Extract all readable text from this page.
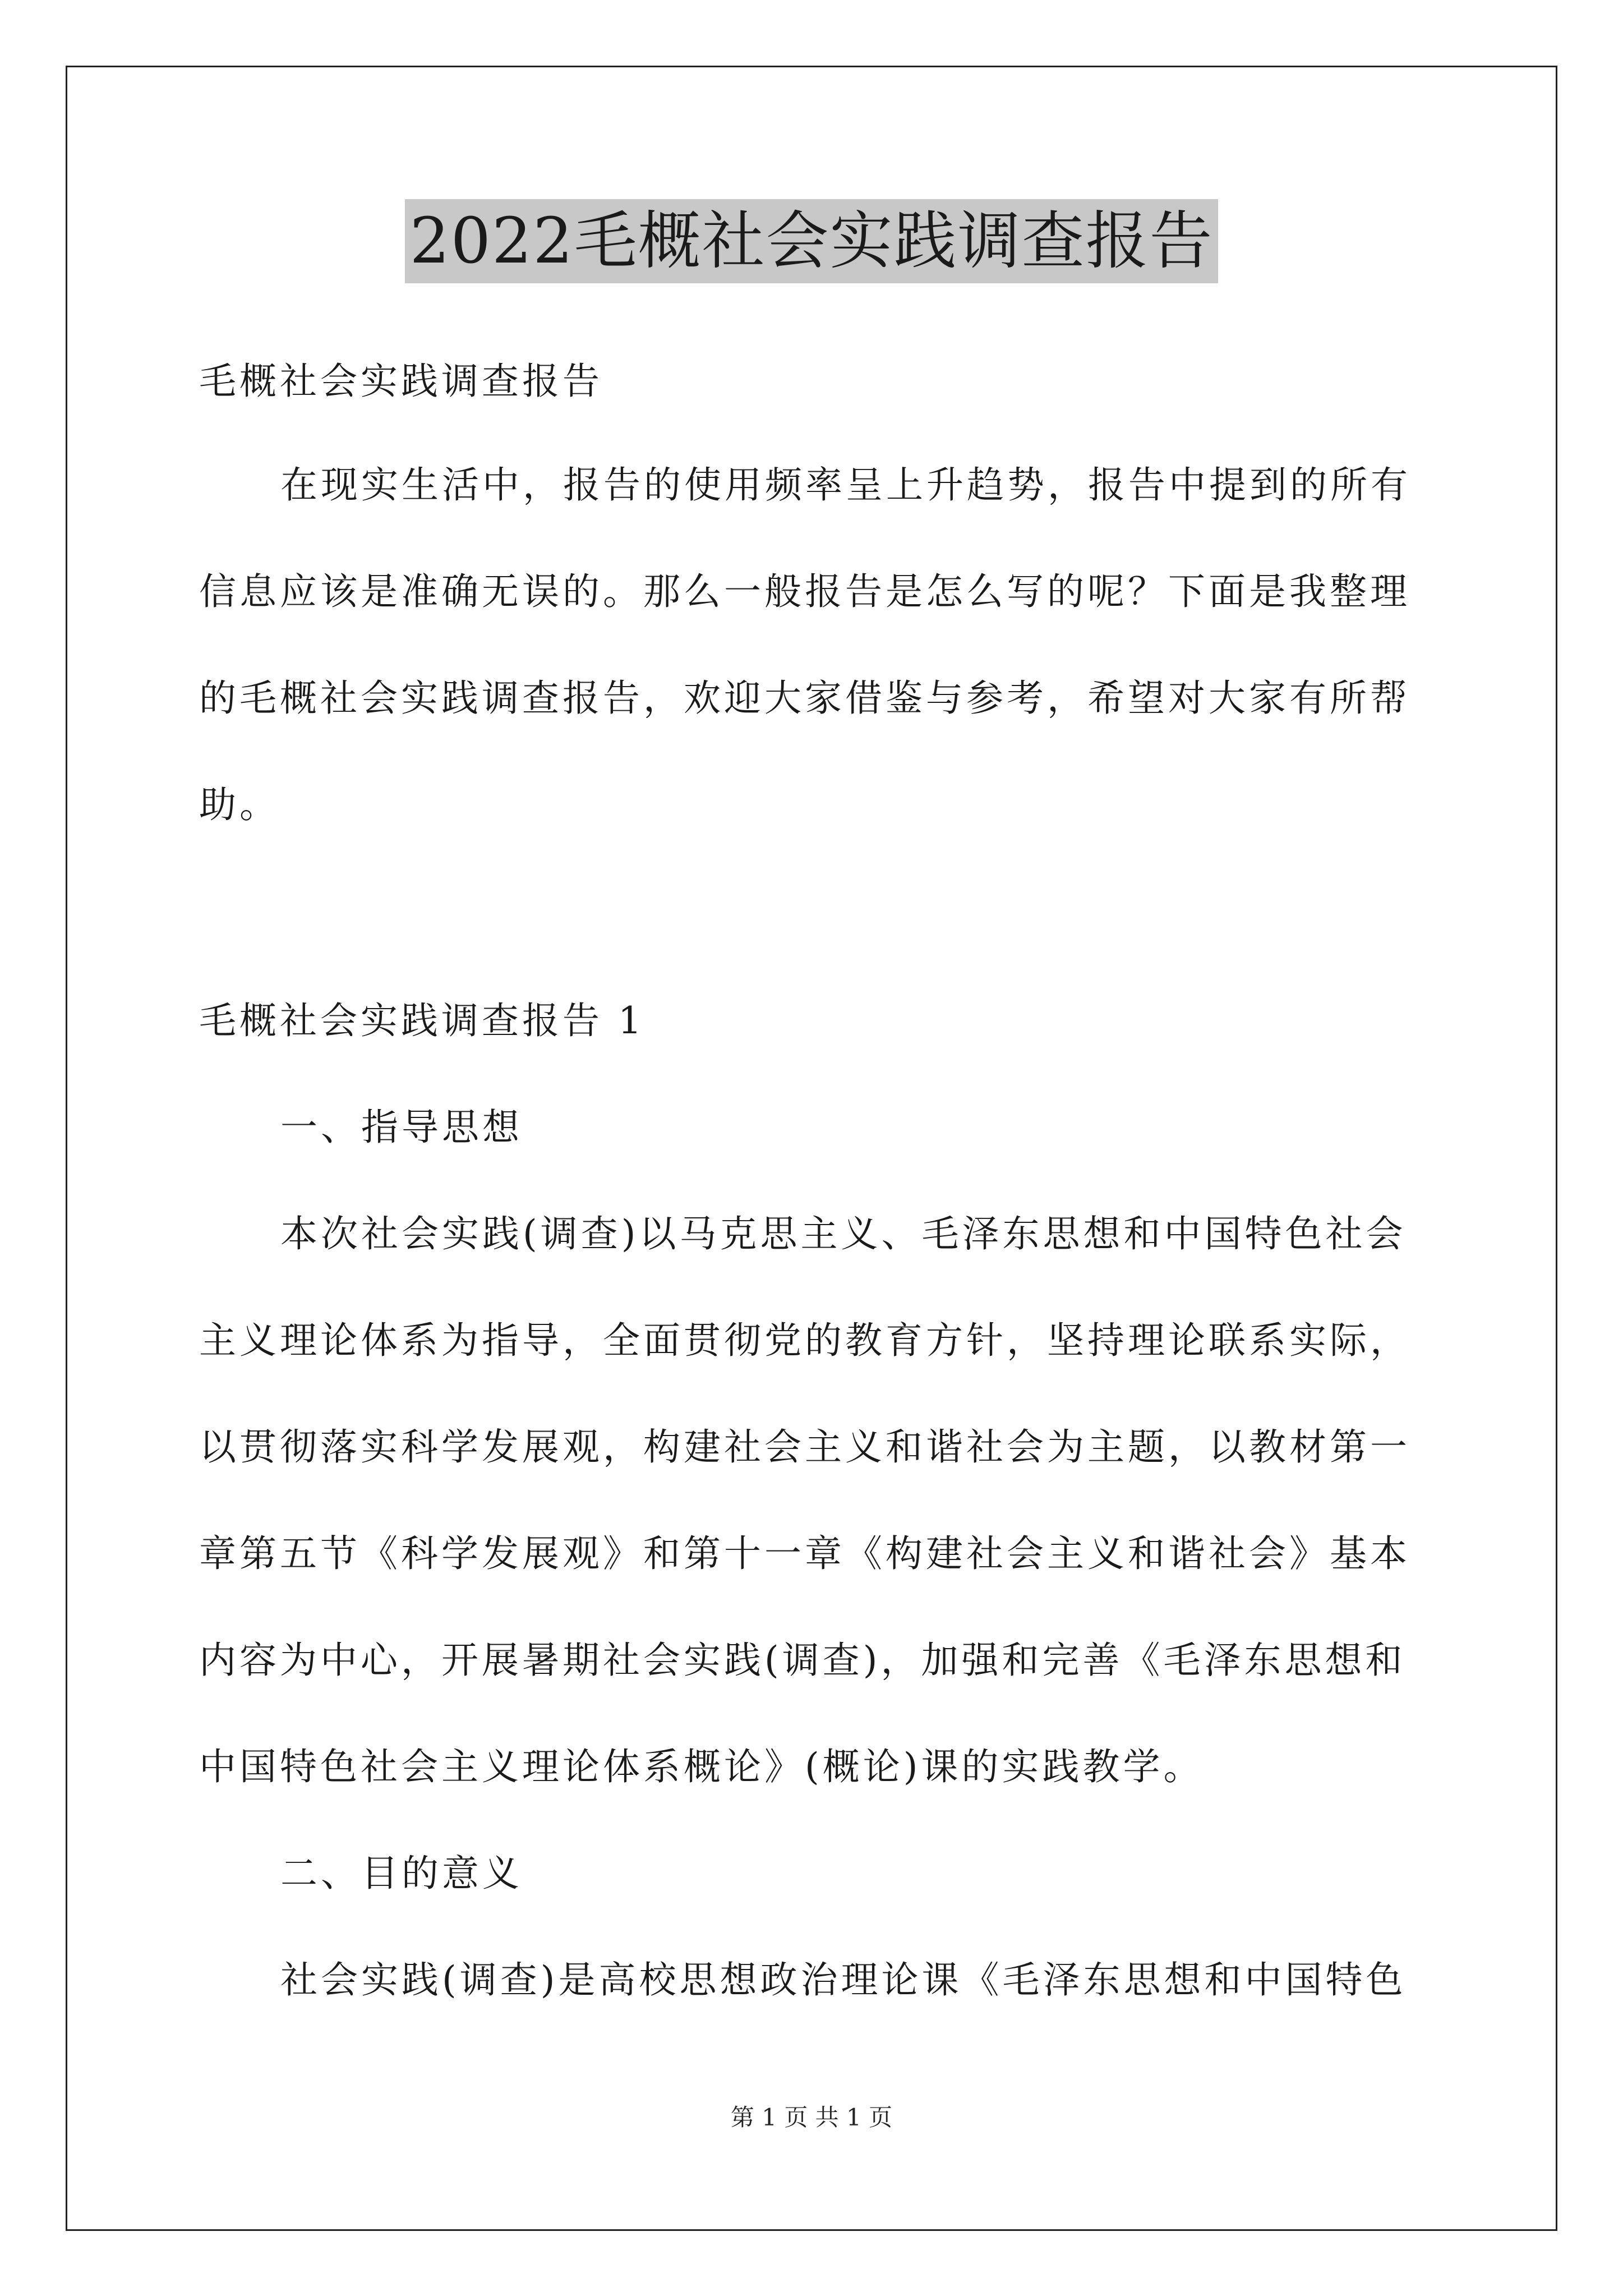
2022毛概社会实践调查报告
毛概社会实践调查报告
在现实生活中，报告的使用频率呈上升趋势，报告中提到的所有
信息应该是准确无误的。那么一般报告是怎么写的呢？下面是我整理
的毛概社会实践调查报告，欢迎大家借鉴与参考，希望对大家有所帮
助。
毛概社会实践调查报告 1
一、指导思想
本次社会实践(调查)以马克思主义、毛泽东思想和中国特色社会
主义理论体系为指导，全面贯彻党的教育方针，坚持理论联系实际，
以贯彻落实科学发展观，构建社会主义和谐社会为主题，以教材第一
章第五节《科学发展观》和第十一章《构建社会主义和谐社会》基本
内容为中心，开展暑期社会实践(调查)，加强和完善《毛泽东思想和
中国特色社会主义理论体系概论》(概论)课的实践教学。
二、目的意义
社会实践(调查)是高校思想政治理论课《毛泽东思想和中国特色
第 1 页 共 1 页
